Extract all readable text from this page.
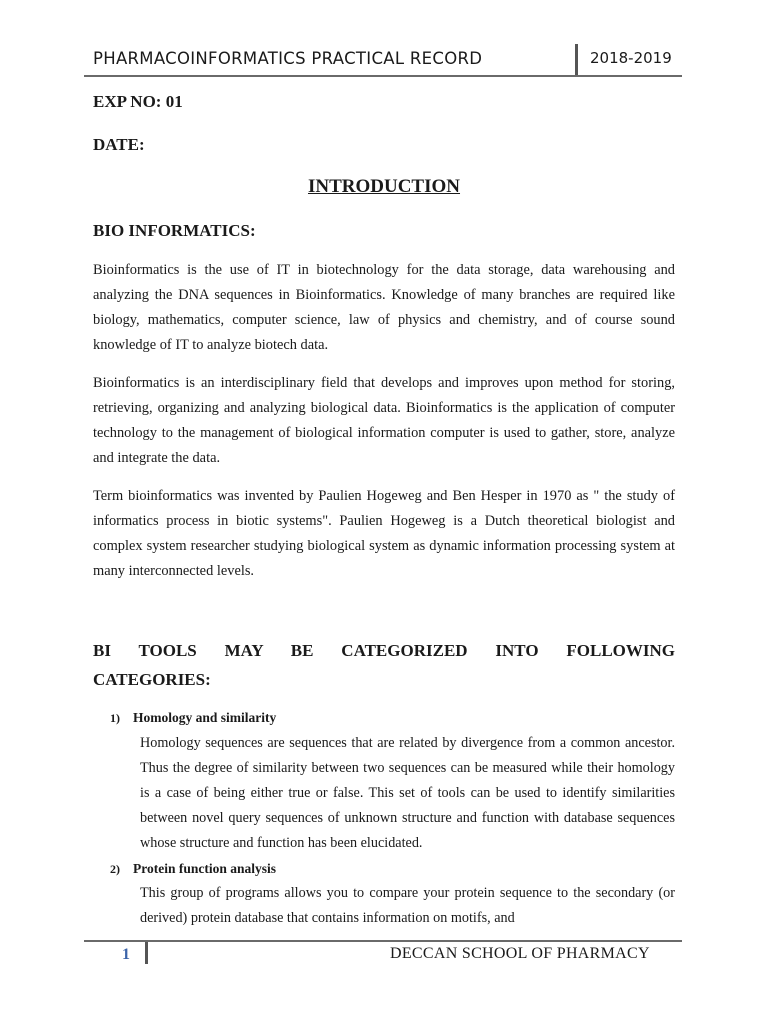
PHARMACOINFORMATICS PRACTICAL RECORD	2018-2019
EXP NO: 01
DATE:
INTRODUCTION
BIO INFORMATICS:

Bioinformatics is the use of IT in biotechnology for the data storage, data warehousing and analyzing the DNA sequences in Bioinformatics. Knowledge of many branches are required like biology, mathematics, computer science, law of physics and chemistry, and of course sound knowledge of IT to analyze biotech data.

Bioinformatics is an interdisciplinary field that develops and improves upon method for storing, retrieving, organizing and analyzing biological data. Bioinformatics is the application of computer technology to the management of biological information computer is used to gather, store, analyze and integrate the data.

Term bioinformatics was invented by Paulien Hogeweg and Ben Hesper in 1970 as " the study of informatics process in biotic systems". Paulien Hogeweg is a Dutch theoretical biologist and complex system researcher studying biological system as dynamic information processing system at many interconnected levels.

BI TOOLS MAY BE CATEGORIZED INTO FOLLOWING
CATEGORIES:
1) Homology and similarity

Homology sequences are sequences that are related by divergence from a common ancestor. Thus the degree of similarity between two sequences can be measured while their homology is a case of being either true or false. This set of tools can be used to identify similarities between novel query sequences of unknown structure and function with database sequences whose structure and function has been elucidated.

2) Protein function analysis

This group of programs allows you to compare your protein sequence to the secondary (or derived) protein database that contains information on motifs, and

1	DECCAN SCHOOL OF PHARMACY
